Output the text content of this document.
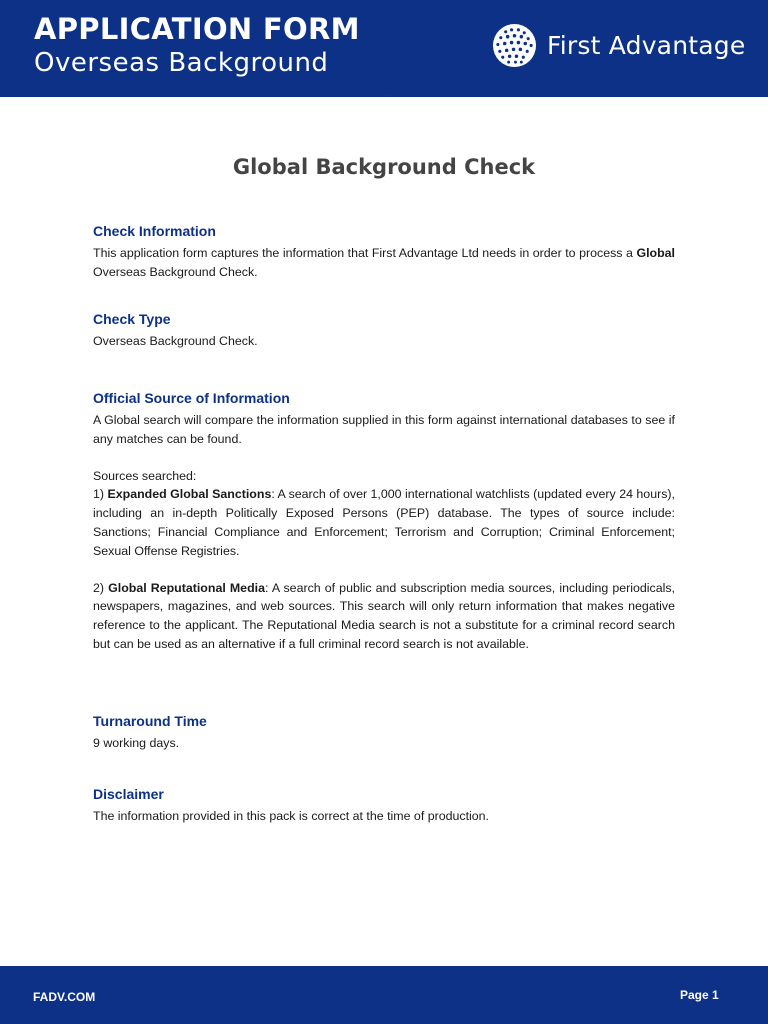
APPLICATION FORM
Overseas Background
First Advantage
Global Background Check
Check Information

This application form captures the information that First Advantage Ltd needs in order to process a Global Overseas Background Check.

Check Type

Overseas Background Check.

Official Source of Information

A Global search will compare the information supplied in this form against international databases to see if any matches can be found.

Sources searched:

1) Expanded Global Sanctions: A search of over 1,000 international watchlists (updated every 24 hours), including an in-depth Politically Exposed Persons (PEP) database. The types of source include: Sanctions; Financial Compliance and Enforcement; Terrorism and Corruption; Criminal Enforcement; Sexual Offense Registries.

2) Global Reputational Media: A search of public and subscription media sources, including periodicals, newspapers, magazines, and web sources. This search will only return information that makes negative reference to the applicant. The Reputational Media search is not a substitute for a criminal record search but can be used as an alternative if a full criminal record search is not available.

Turnaround Time

9 working days.

Disclaimer

The information provided in this pack is correct at the time of production.

FADV.COM	Page 1
